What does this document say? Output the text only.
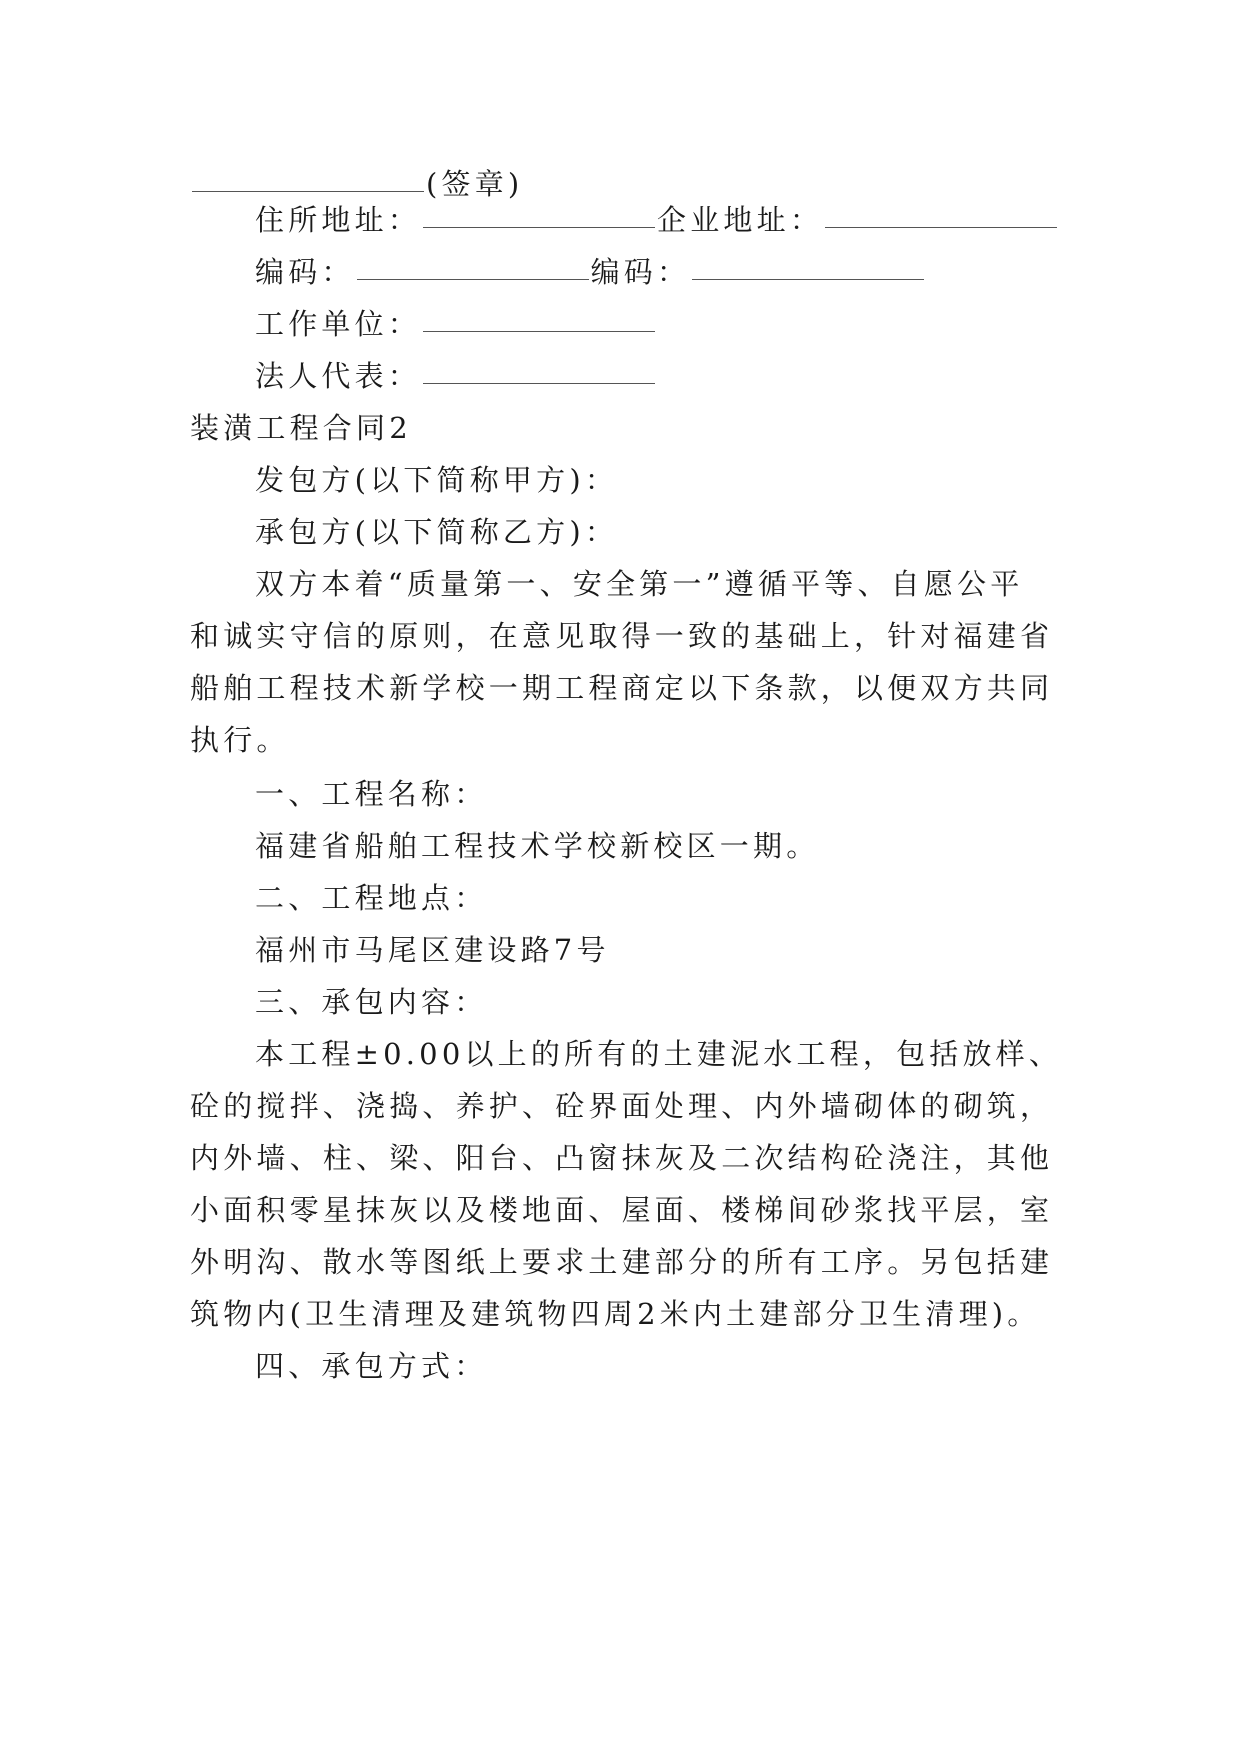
(签章)
住所地址：	企业地址：
编码：	编码：
工作单位：
法人代表：
装潢工程合同2
发包方(以下简称甲方)：
承包方(以下简称乙方)：
双方本着“质量第一、安全第一”遵循平等、自愿公平
和诚实守信的原则，在意见取得一致的基础上，针对福建省
船舶工程技术新学校一期工程商定以下条款，以便双方共同
执行。
一、工程名称：
福建省船舶工程技术学校新校区一期。
二、工程地点：
福州市马尾区建设路7号
三、承包内容：
本工程±0.00以上的所有的土建泥水工程，包括放样、
砼的搅拌、浇捣、养护、砼界面处理、内外墙砌体的砌筑，
内外墙、柱、梁、阳台、凸窗抹灰及二次结构砼浇注，其他
小面积零星抹灰以及楼地面、屋面、楼梯间砂浆找平层，室
外明沟、散水等图纸上要求土建部分的所有工序。另包括建
筑物内(卫生清理及建筑物四周2米内土建部分卫生清理)。
四、承包方式：
